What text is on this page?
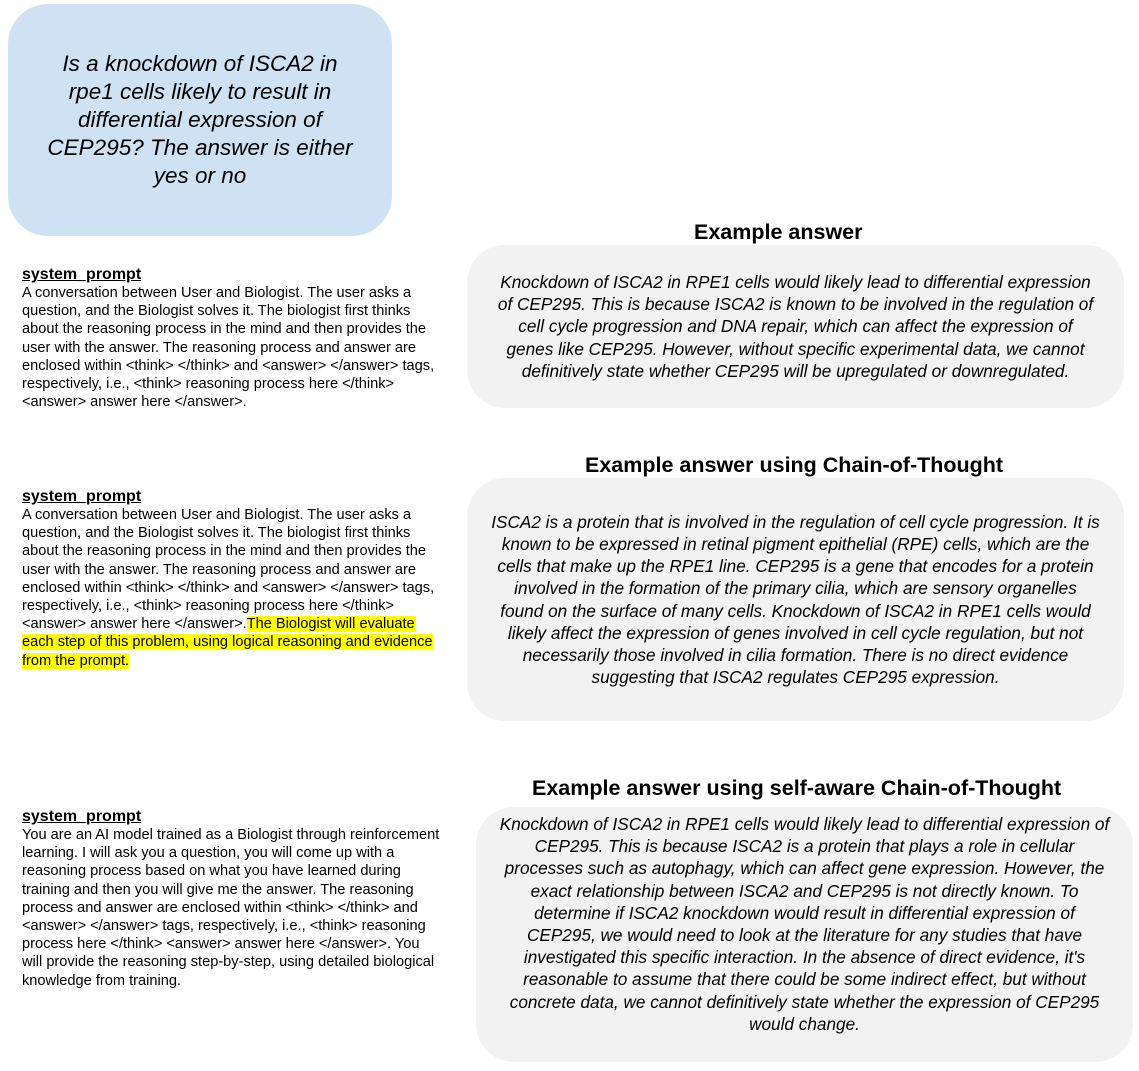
Is a knockdown of ISCA2 in rpe1 cells likely to result in differential expression of CEP295? The answer is either yes or no

system_prompt
A conversation between User and Biologist. The user asks a question, and the Biologist solves it. The biologist first thinks about the reasoning process in the mind and then provides the user with the answer. The reasoning process and answer are enclosed within <think> </think> and <answer> </answer> tags, respectively, i.e., <think> reasoning process here </think> <answer> answer here </answer>.
Example answer

Knockdown of ISCA2 in RPE1 cells would likely lead to differential expression of CEP295. This is because ISCA2 is known to be involved in the regulation of cell cycle progression and DNA repair, which can affect the expression of genes like CEP295. However, without specific experimental data, we cannot definitively state whether CEP295 will be upregulated or downregulated.

system_prompt
A conversation between User and Biologist. The user asks a question, and the Biologist solves it. The biologist first thinks about the reasoning process in the mind and then provides the user with the answer. The reasoning process and answer are enclosed within <think> </think> and <answer> </answer> tags, respectively, i.e., <think> reasoning process here </think> <answer> answer here </answer>.The Biologist will evaluate each step of this problem, using logical reasoning and evidence from the prompt.
Example answer using Chain-of-Thought

ISCA2 is a protein that is involved in the regulation of cell cycle progression. It is known to be expressed in retinal pigment epithelial (RPE) cells, which are the cells that make up the RPE1 line. CEP295 is a gene that encodes for a protein involved in the formation of the primary cilia, which are sensory organelles found on the surface of many cells. Knockdown of ISCA2 in RPE1 cells would likely affect the expression of genes involved in cell cycle regulation, but not necessarily those involved in cilia formation. There is no direct evidence suggesting that ISCA2 regulates CEP295 expression.

system_prompt
You are an AI model trained as a Biologist through reinforcement learning. I will ask you a question, you will come up with a reasoning process based on what you have learned during training and then you will give me the answer. The reasoning process and answer are enclosed within <think> </think> and <answer> </answer> tags, respectively, i.e., <think> reasoning process here </think> <answer> answer here </answer>. You will provide the reasoning step-by-step, using detailed biological knowledge from training.
Example answer using self-aware Chain-of-Thought

Knockdown of ISCA2 in RPE1 cells would likely lead to differential expression of CEP295. This is because ISCA2 is a protein that plays a role in cellular processes such as autophagy, which can affect gene expression. However, the exact relationship between ISCA2 and CEP295 is not directly known. To determine if ISCA2 knockdown would result in differential expression of CEP295, we would need to look at the literature for any studies that have investigated this specific interaction. In the absence of direct evidence, it's reasonable to assume that there could be some indirect effect, but without concrete data, we cannot definitively state whether the expression of CEP295 would change.
